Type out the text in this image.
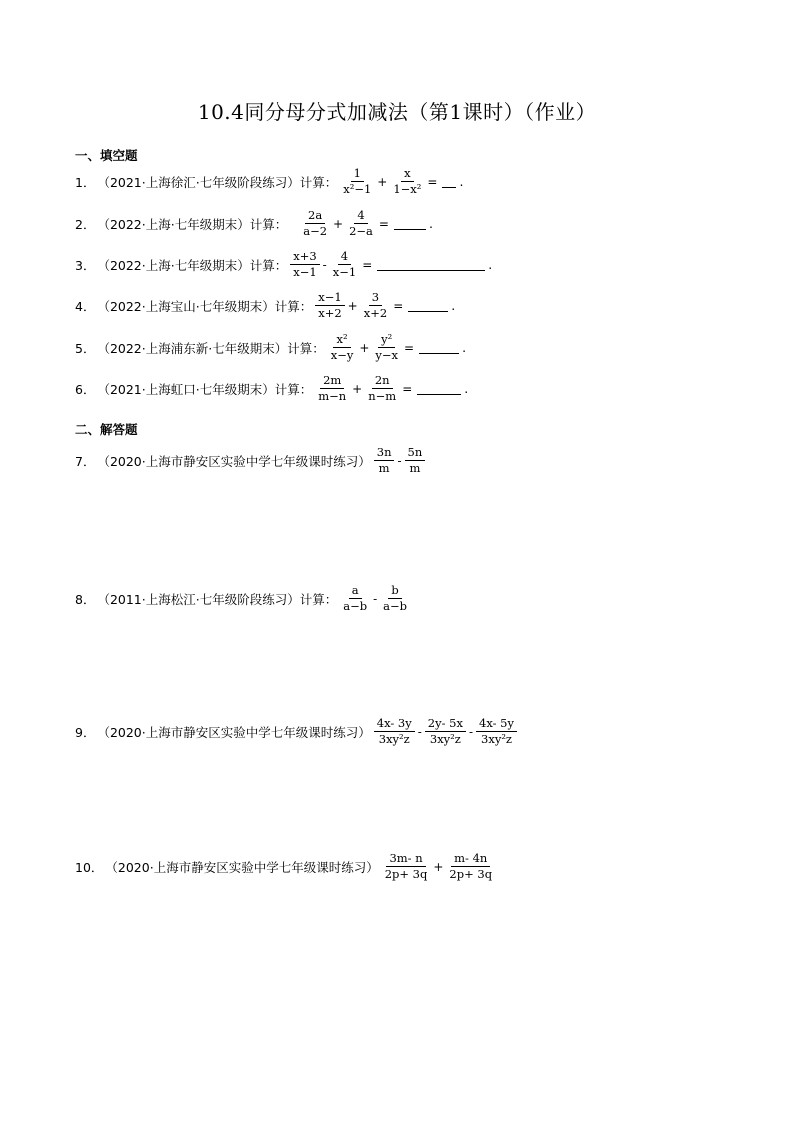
10.4同分母分式加减法（第1课时）（作业）
一、填空题
1． （2021·上海徐汇·七年级阶段练习）计算： $\frac{1}{\text{x²−1}} + \frac{x}{\text{1−x²}}$ = .
2． （2022·上海·七年级期末）计算： $\frac{2a}{a-2} + \frac{4}{2-a}$ =	.
3． （2022·上海·七年级期末）计算： $\frac{x+3}{x-1} - \frac{4}{x-1}$ =	.
4． （2022·上海宝山·七年级期末）计算： $\frac{x-1}{x+2} + \frac{3}{x+2}$ =	.
5． （2022·上海浦东新·七年级期末）计算： $\frac{\text{x²}}{x-y} + \frac{\text{y²}}{y-x}$ =	.
6． （2021·上海虹口·七年级期末）计算： $\frac{2m}{m-n} + \frac{2n}{n-m}$ =	.
二、解答题
7． （2020·上海市静安区实验中学七年级课时练习） $\frac{3n}{m} - \frac{5n}{m}$
8． （2011·上海松江·七年级阶段练习）计算： $\frac{a}{a-b} - \frac{b}{a-b}$
9． （2020·上海市静安区实验中学七年级课时练习） $\frac{4x- 3y}{\text{3xy²z}} - \frac{2y- 5x}{\text{3xy²z}} - \frac{4x- 5y}{\text{3xy²z}}$
10． （2020·上海市静安区实验中学七年级课时练习） $\frac{3m- n}{2p+ 3q} + \frac{m- 4n}{2p+ 3q}$
